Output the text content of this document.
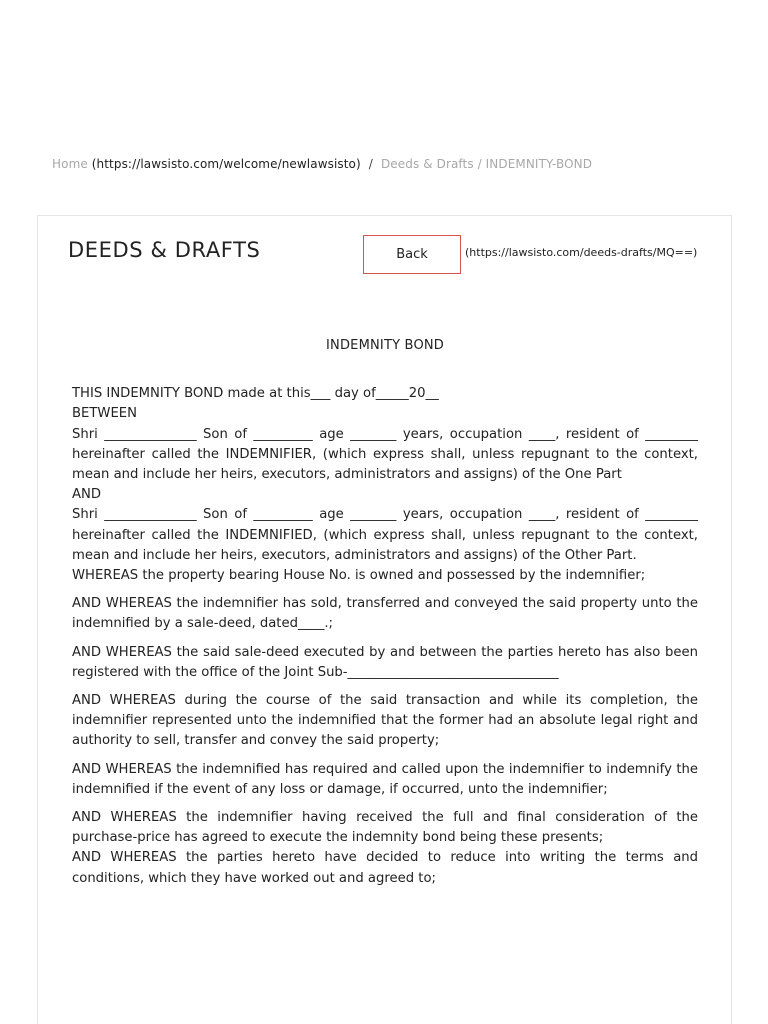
Home (https://lawsisto.com/welcome/newlawsisto) / Deeds & Drafts / INDEMNITY-BOND
DEEDS & DRAFTS	Back	(https://lawsisto.com/deeds-drafts/MQ==)
INDEMNITY BOND

THIS INDEMNITY BOND made at this___ day of_____20__

BETWEEN

Shri ______________ Son of _________ age _______ years, occupation ____, resident of ________ hereinafter called the INDEMNIFIER, (which express shall, unless repugnant to the context, mean and include her heirs, executors, administrators and assigns) of the One Part

AND

Shri ______________ Son of _________ age _______ years, occupation ____, resident of ________ hereinafter called the INDEMNIFIED, (which express shall, unless repugnant to the context, mean and include her heirs, executors, administrators and assigns) of the Other Part.

WHEREAS the property bearing House No. is owned and possessed by the indemnifier;

AND WHEREAS the indemnifier has sold, transferred and conveyed the said property unto the indemnified by a sale-deed, dated____.;

AND WHEREAS the said sale-deed executed by and between the parties hereto has also been registered with the office of the Joint Sub-________________________________

AND WHEREAS during the course of the said transaction and while its completion, the indemnifier represented unto the indemnified that the former had an absolute legal right and authority to sell, transfer and convey the said property;

AND WHEREAS the indemnified has required and called upon the indemnifier to indemnify the indemnified if the event of any loss or damage, if occurred, unto the indemnifier;

AND WHEREAS the indemnifier having received the full and final consideration of the purchase-price has agreed to execute the indemnity bond being these presents;

AND WHEREAS the parties hereto have decided to reduce into writing the terms and conditions, which they have worked out and agreed to;
